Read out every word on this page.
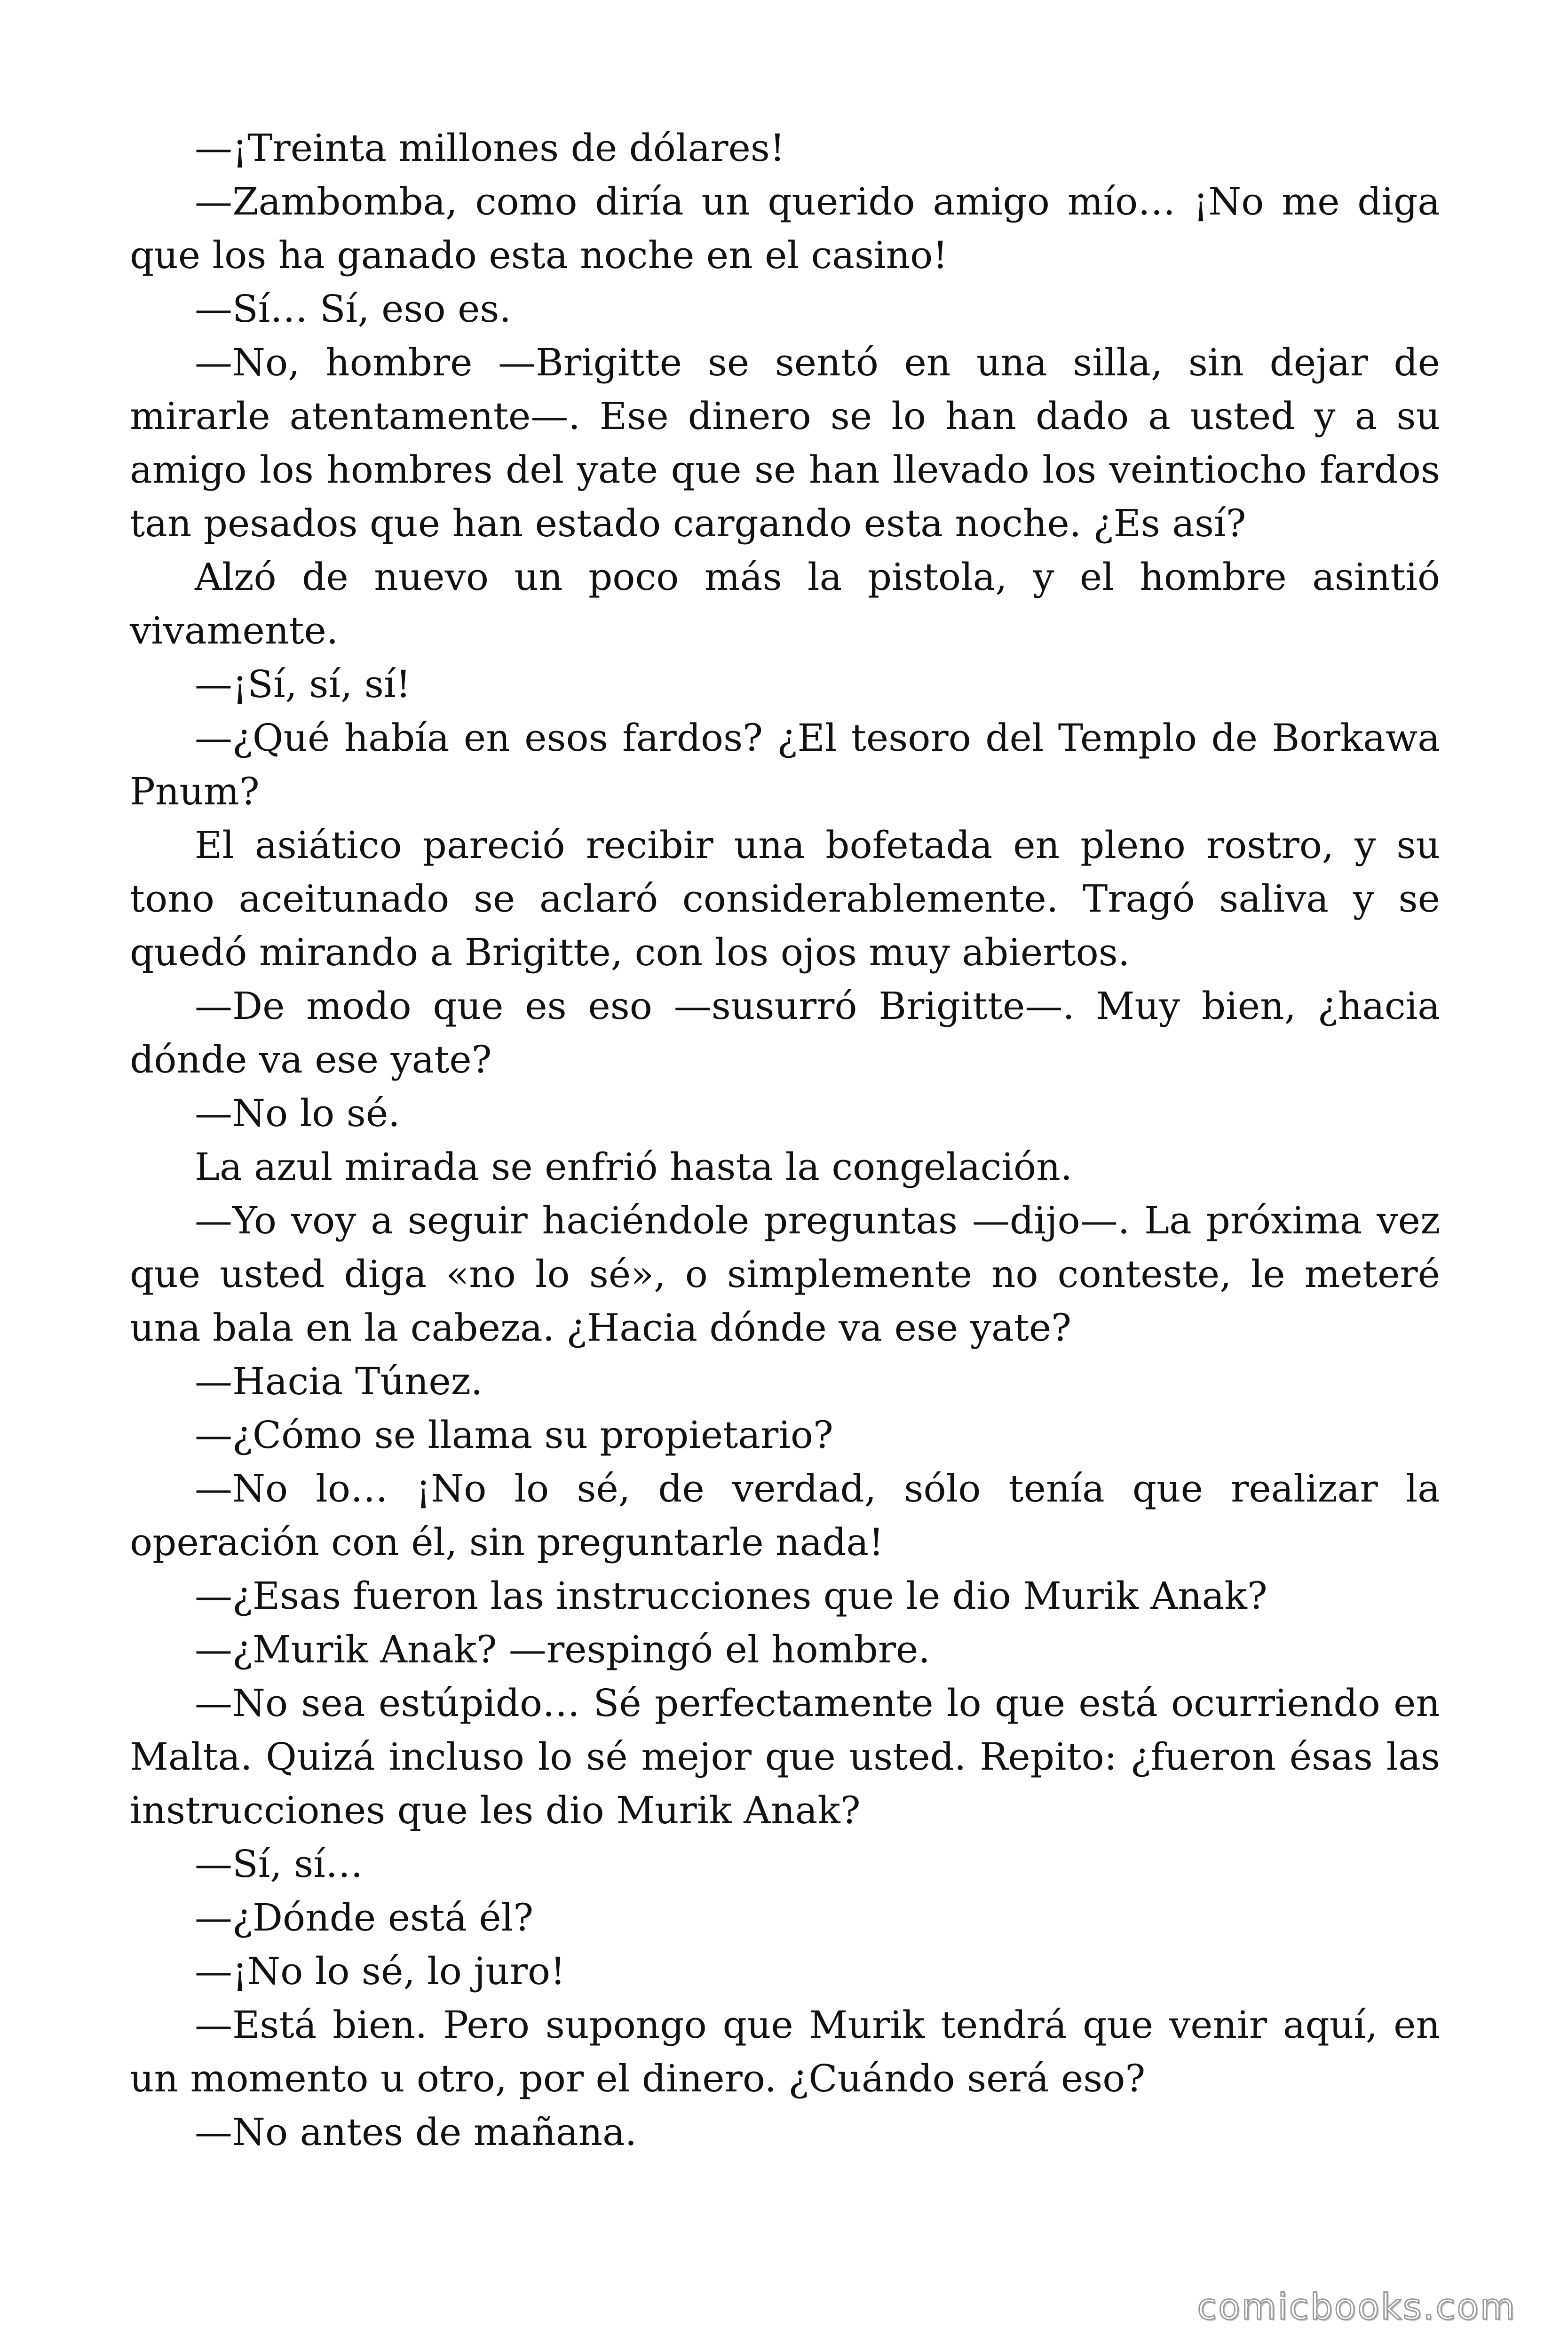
—¡Treinta millones de dólares!

—Zambomba, como diría un querido amigo mío… ¡No me diga que los ha ganado esta noche en el casino!

—Sí… Sí, eso es.

—No, hombre —Brigitte se sentó en una silla, sin dejar de mirarle atentamente—. Ese dinero se lo han dado a usted y a su amigo los hombres del yate que se han llevado los veintiocho fardos tan pesados que han estado cargando esta noche. ¿Es así?

Alzó de nuevo un poco más la pistola, y el hombre asintió vivamente.

—¡Sí, sí, sí!

—¿Qué había en esos fardos? ¿El tesoro del Templo de Borkawa Pnum?

El asiático pareció recibir una bofetada en pleno rostro, y su tono aceitunado se aclaró considerablemente. Tragó saliva y se quedó mirando a Brigitte, con los ojos muy abiertos.

—De modo que es eso —susurró Brigitte—. Muy bien, ¿hacia dónde va ese yate?

—No lo sé.

La azul mirada se enfrió hasta la congelación.

—Yo voy a seguir haciéndole preguntas —dijo—. La próxima vez que usted diga «no lo sé», o simplemente no conteste, le meteré una bala en la cabeza. ¿Hacia dónde va ese yate?

—Hacia Túnez.

—¿Cómo se llama su propietario?

—No lo… ¡No lo sé, de verdad, sólo tenía que realizar la operación con él, sin preguntarle nada!

—¿Esas fueron las instrucciones que le dio Murik Anak?

—¿Murik Anak? —respingó el hombre.

—No sea estúpido… Sé perfectamente lo que está ocurriendo en Malta. Quizá incluso lo sé mejor que usted. Repito: ¿fueron ésas las instrucciones que les dio Murik Anak?

—Sí, sí…

—¿Dónde está él?

—¡No lo sé, lo juro!

—Está bien. Pero supongo que Murik tendrá que venir aquí, en un momento u otro, por el dinero. ¿Cuándo será eso?

—No antes de mañana.

comicbooks.com
